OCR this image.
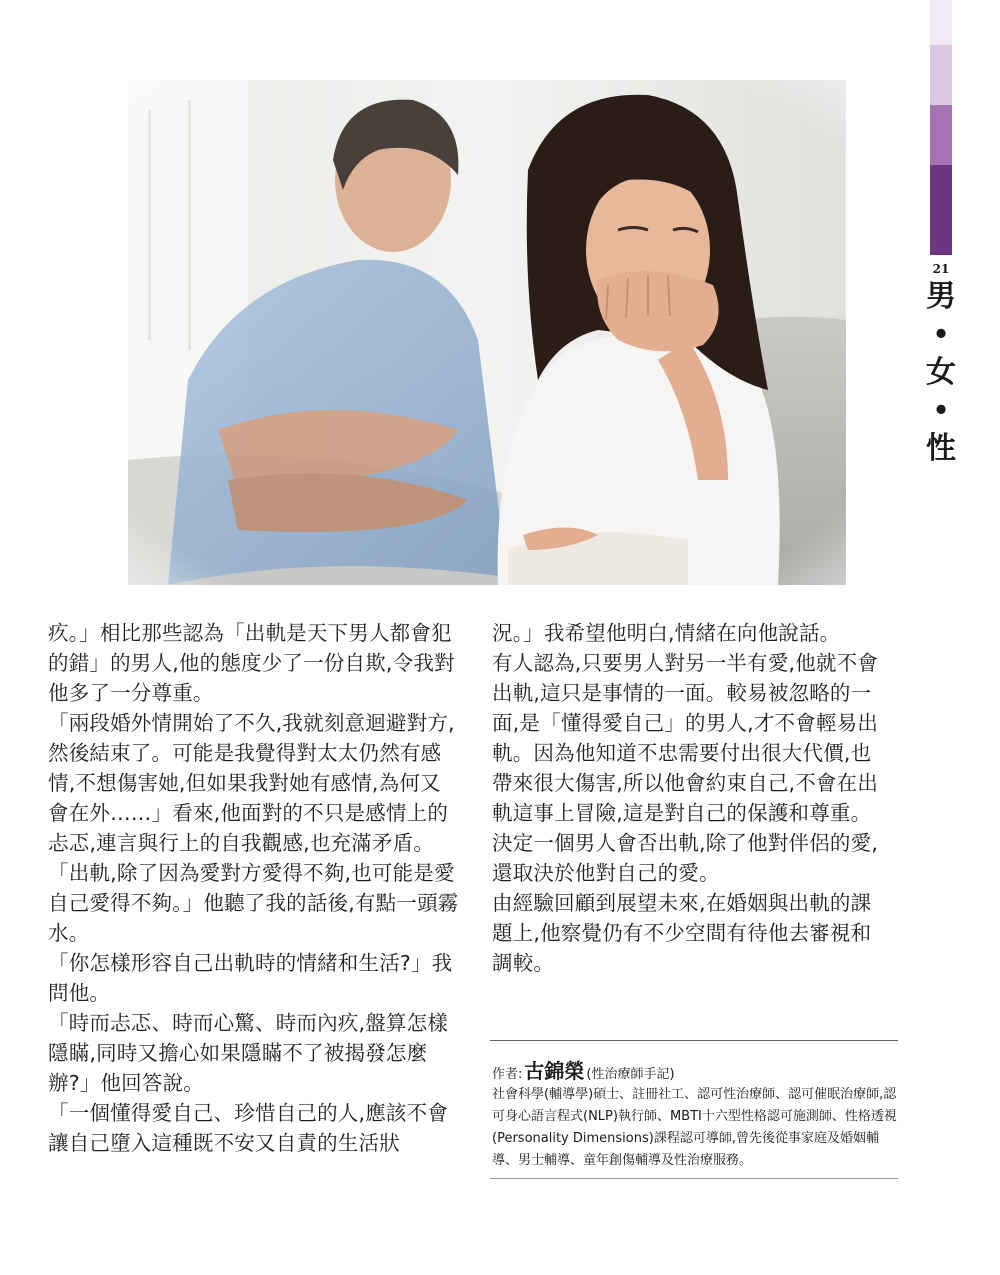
21
男
•
女
•
性

疚。」相比那些認為「出軌是天下男人都會犯的錯」的男人,他的態度少了一份自欺,令我對他多了一分尊重。

「兩段婚外情開始了不久,我就刻意迴避對方,然後結束了。可能是我覺得對太太仍然有感情,不想傷害她,但如果我對她有感情,為何又會在外……」看來,他面對的不只是感情上的忐忑,連言與行上的自我觀感,也充滿矛盾。

「出軌,除了因為愛對方愛得不夠,也可能是愛自己愛得不夠。」他聽了我的話後,有點一頭霧水。

「你怎樣形容自己出軌時的情緒和生活?」我問他。

「時而忐忑、時而心驚、時而內疚,盤算怎樣隱瞞,同時又擔心如果隱瞞不了被揭發怎麼辦?」他回答說。

「一個懂得愛自己、珍惜自己的人,應該不會讓自己墮入這種既不安又自責的生活狀

況。」我希望他明白,情緒在向他說話。

有人認為,只要男人對另一半有愛,他就不會出軌,這只是事情的一面。較易被忽略的一面,是「懂得愛自己」的男人,才不會輕易出軌。因為他知道不忠需要付出很大代價,也帶來很大傷害,所以他會約束自己,不會在出軌這事上冒險,這是對自己的保護和尊重。

決定一個男人會否出軌,除了他對伴侶的愛,還取決於他對自己的愛。

由經驗回顧到展望未來,在婚姻與出軌的課題上,他察覺仍有不少空間有待他去審視和調較。

作者: 古錦榮 (性治療師手記)

社會科學(輔導學)碩士、註冊社工、認可性治療師、認可催眠治療師,認可身心語言程式(NLP)執行師、MBTI十六型性格認可施測師、性格透視(Personality Dimensions)課程認可導師,曾先後從事家庭及婚姻輔導、男士輔導、童年創傷輔導及性治療服務。
